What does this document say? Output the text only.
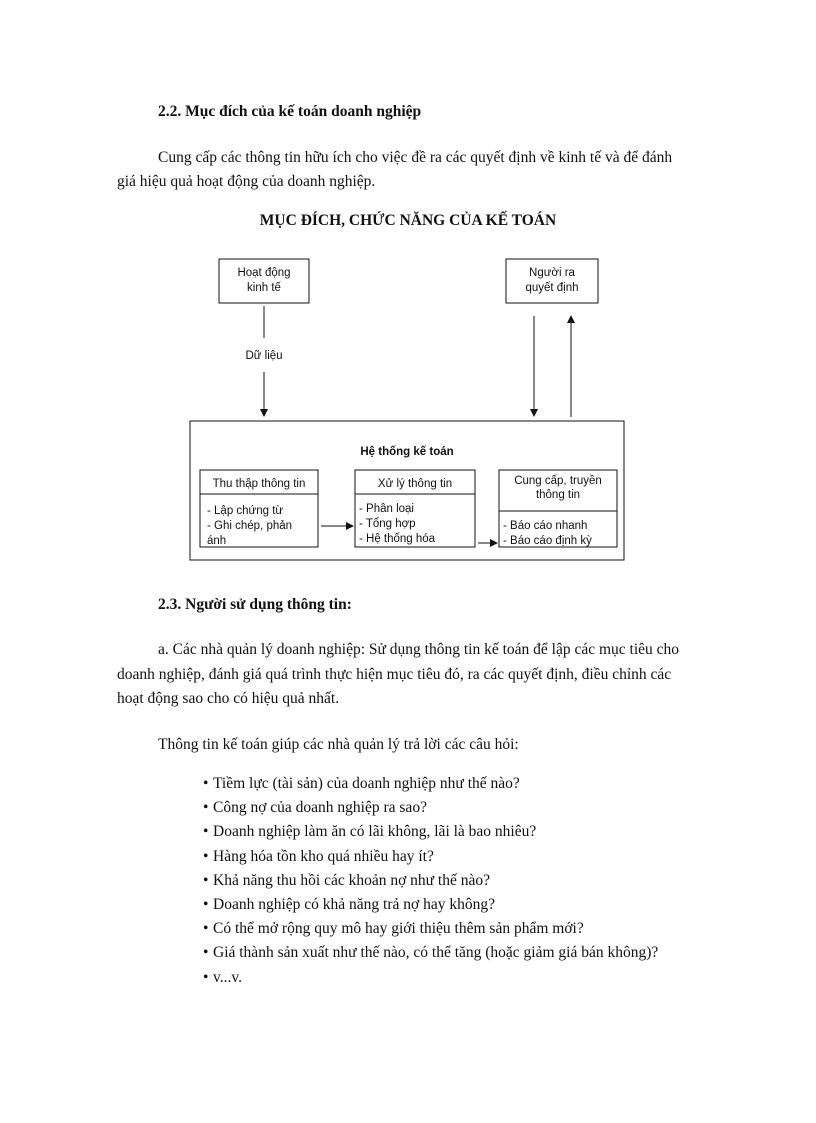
2.2. Mục đích của kế toán doanh nghiệp
Cung cấp các thông tin hữu ích cho việc đề ra các quyết định về kinh tế và để đánh
giá hiệu quả hoạt động của doanh nghiệp.
MỤC ĐÍCH, CHỨC NĂNG CỦA KẾ TOÁN
Hoạt động
kinh tế
Người ra
quyết định
Dữ liệu
Hệ thống kế toán
Thu thập thông tin
- Lập chứng từ
- Ghi chép, phản
ánh
Xử lý thông tin
- Phân loại
- Tổng hợp
- Hệ thống hóa
Cung cấp, truyền
thông tin
- Báo cáo nhanh
- Báo cáo định kỳ
2.3. Người sử dụng thông tin:
a. Các nhà quản lý doanh nghiệp: Sử dụng thông tin kế toán để lập các mục tiêu cho
doanh nghiệp, đánh giá quá trình thực hiện mục tiêu đó, ra các quyết định, điều chỉnh các
hoạt động sao cho có hiệu quả nhất.
Thông tin kế toán giúp các nhà quản lý trả lời các câu hỏi:
• Tiềm lực (tài sản) của doanh nghiệp như thế nào?
• Công nợ của doanh nghiệp ra sao?
• Doanh nghiệp làm ăn có lãi không, lãi là bao nhiêu?
• Hàng hóa tồn kho quá nhiều hay ít?
• Khả năng thu hồi các khoản nợ như thế nào?
• Doanh nghiệp có khả năng trả nợ hay không?
• Có thể mở rộng quy mô hay giới thiệu thêm sản phẩm mới?
• Giá thành sản xuất như thế nào, có thể tăng (hoặc giảm giá bán không)?
• v...v.
